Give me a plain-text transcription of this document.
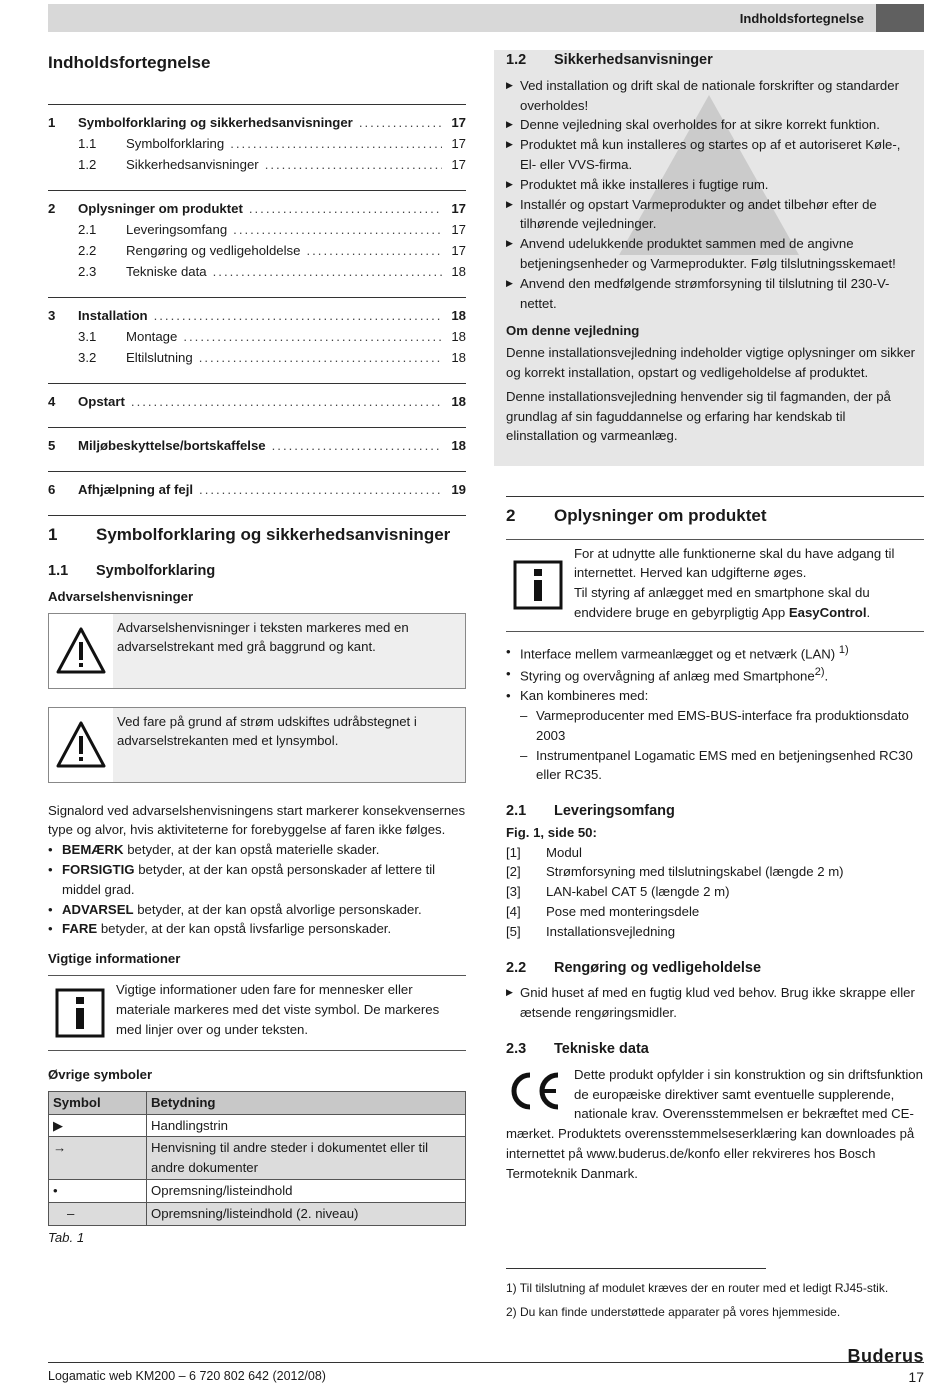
Indholdsfortegnelse
Indholdsfortegnelse
1	Symbolforklaring og sikkerhedsanvisninger .....	17
1.1	Symbolforklaring .....	17
1.2	Sikkerhedsanvisninger .....	17
2	Oplysninger om produktet .....	17
2.1	Leveringsomfang .....	17
2.2	Rengøring og vedligeholdelse .....	17
2.3	Tekniske data .....	18
3	Installation .....	18
3.1	Montage .....	18
3.2	Eltilslutning .....	18
4	Opstart .....	18
5	Miljøbeskyttelse/bortskaffelse .....	18
6	Afhjælpning af fejl .....	19
1	Symbolforklaring og sikkerhedsanvisninger
1.1	Symbolforklaring
Advarselshenvisninger
Advarselshenvisninger i teksten markeres med en advarselstrekant med grå baggrund og kant.
Ved fare på grund af strøm udskiftes udråbstegnet i advarselstrekanten med et lynsymbol.

Signalord ved advarselshenvisningens start markerer konsekvensernes type og alvor, hvis aktiviteterne for forebyggelse af faren ikke følges.

• BEMÆRK betyder, at der kan opstå materielle skader.
• FORSIGTIG betyder, at der kan opstå personskader af lettere til middel grad.
• ADVARSEL betyder, at der kan opstå alvorlige personskader.
• FARE betyder, at der kan opstå livsfarlige personskader.
Vigtige informationer
Vigtige informationer uden fare for mennesker eller materiale markeres med det viste symbol. De markeres med linjer over og under teksten.
Øvrige symboler
Symbol	Betydning
▶	Handlingstrin
→	Henvisning til andre steder i dokumentet eller til andre dokumenter
•	Opremsning/listeindhold
–	Opremsning/listeindhold (2. niveau)
Tab. 1
1.2	Sikkerhedsanvisninger
▶ Ved installation og drift skal de nationale forskrifter og standarder overholdes!
▶ Denne vejledning skal overholdes for at sikre korrekt funktion.
▶ Produktet må kun installeres og startes op af et autoriseret Køle-, El- eller VVS-firma.
▶ Produktet må ikke installeres i fugtige rum.
▶ Installér og opstart Varmeprodukter og andet tilbehør efter de tilhørende vejledninger.
▶ Anvend udelukkende produktet sammen med de angivne betjeningsenheder og Varmeprodukter. Følg tilslutningsskemaet!
▶ Anvend den medfølgende strømforsyning til tilslutning til 230-V-nettet.
Om denne vejledning

Denne installationsvejledning indeholder vigtige oplysninger om sikker og korrekt installation, opstart og vedligeholdelse af produktet.

Denne installationsvejledning henvender sig til fagmanden, der på grundlag af sin faguddannelse og erfaring har kendskab til elinstallation og varmeanlæg.

2	Oplysninger om produktet
For at udnytte alle funktionerne skal du have adgang til internettet. Herved kan udgifterne øges.
Til styring af anlægget med en smartphone skal du endvidere bruge en gebyrpligtig App EasyControl.
• Interface mellem varmeanlægget og et netværk (LAN) $^{1)}$
• Styring og overvågning af anlæg med Smartphone$^{2)}$.
• Kan kombineres med:
– Varmeproducenter med EMS-BUS-interface fra produktionsdato 2003
– Instrumentpanel Logamatic EMS med en betjeningsenhed RC30 eller RC35.
2.1	Leveringsomfang
Fig. 1, side 50:
[1]	Modul
[2]	Strømforsyning med tilslutningskabel (længde 2 m)
[3]	LAN-kabel CAT 5 (længde 2 m)
[4]	Pose med monteringsdele
[5]	Installationsvejledning
2.2	Rengøring og vedligeholdelse
▶ Gnid huset af med en fugtig klud ved behov. Brug ikke skrappe eller ætsende rengøringsmidler.
2.3	Tekniske data

Dette produkt opfylder i sin konstruktion og sin driftsfunktion de europæiske direktiver samt eventuelle supplerende, nationale krav. Overensstemmelsen er bekræftet med CE-mærket. Produktets overensstemmelseserklæring kan downloades på internettet på www.buderus.de/konfo eller rekvireres hos Bosch Termoteknik Danmark.

1) Til tilslutning af modulet kræves der en router med et ledigt RJ45-stik.
2) Du kan finde understøttede apparater på vores hjemmeside.
Logamatic web KM200 – 6 720 802 642 (2012/08)
Buderus
17
